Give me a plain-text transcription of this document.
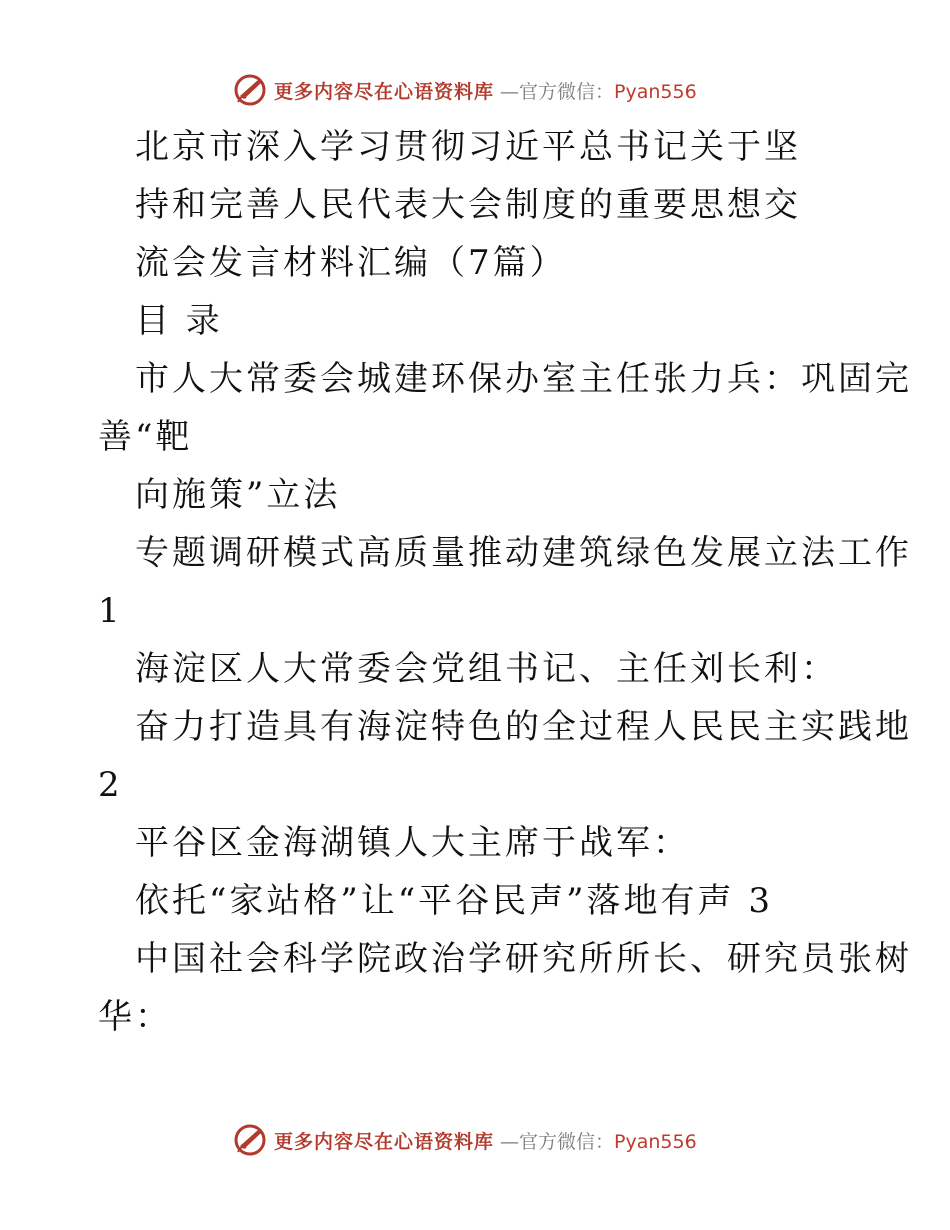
更多内容尽在心语资料库 —官方微信：Pyan556
北京市深入学习贯彻习近平总书记关于坚
持和完善人民代表大会制度的重要思想交
流会发言材料汇编（7篇）
目 录
市人大常委会城建环保办室主任张力兵：巩固完
善“靶
向施策”立法
专题调研模式高质量推动建筑绿色发展立法工作
1
海淀区人大常委会党组书记、主任刘长利：
奋力打造具有海淀特色的全过程人民民主实践地
2
平谷区金海湖镇人大主席于战军：
依托“家站格”让“平谷民声”落地有声 3
中国社会科学院政治学研究所所长、研究员张树
华：
更多内容尽在心语资料库 —官方微信：Pyan556
